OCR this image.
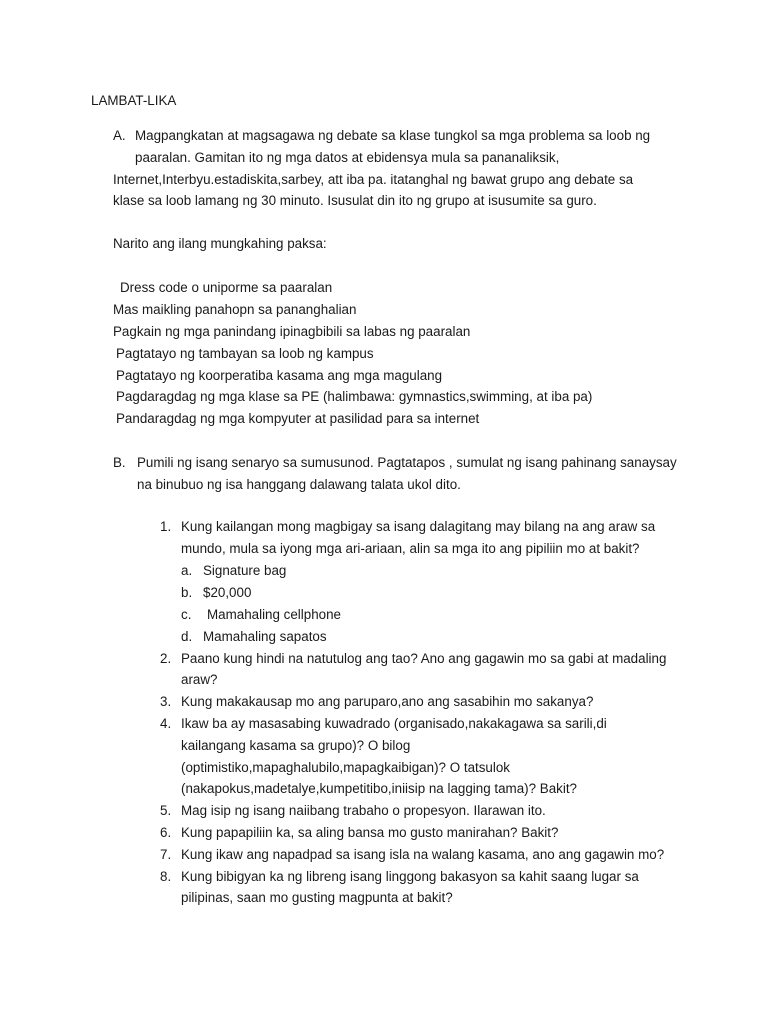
LAMBAT-LIKA
A. Magpangkatan at magsagawa ng debate sa klase tungkol sa mga problema sa loob ng
paaralan. Gamitan ito ng mga datos at ebidensya mula sa pananaliksik,
Internet,Interbyu.estadiskita,sarbey, att iba pa. itatanghal ng bawat grupo ang debate sa
klase sa loob lamang ng 30 minuto. Isusulat din ito ng grupo at isusumite sa guro.
Narito ang ilang mungkahing paksa:
Dress code o uniporme sa paaralan
Mas maikling panahopn sa pananghalian
Pagkain ng mga panindang ipinagbibili sa labas ng paaralan
Pagtatayo ng tambayan sa loob ng kampus
Pagtatayo ng koorperatiba kasama ang mga magulang
Pagdaragdag ng mga klase sa PE (halimbawa: gymnastics,swimming, at iba pa)
Pandaragdag ng mga kompyuter at pasilidad para sa internet
B. Pumili ng isang senaryo sa sumusunod. Pagtatapos , sumulat ng isang pahinang sanaysay
na binubuo ng isa hanggang dalawang talata ukol dito.
1. Kung kailangan mong magbigay sa isang dalagitang may bilang na ang araw sa
mundo, mula sa iyong mga ari-ariaan, alin sa mga ito ang pipiliin mo at bakit?
a. Signature bag
b. $20,000
c. Mamahaling cellphone
d. Mamahaling sapatos
2. Paano kung hindi na natutulog ang tao? Ano ang gagawin mo sa gabi at madaling
araw?
3. Kung makakausap mo ang paruparo,ano ang sasabihin mo sakanya?
4. Ikaw ba ay masasabing kuwadrado (organisado,nakakagawa sa sarili,di
kailangang kasama sa grupo)? O bilog
(optimistiko,mapaghalubilo,mapagkaibigan)? O tatsulok
(nakapokus,madetalye,kumpetitibo,iniisip na lagging tama)? Bakit?
5. Mag isip ng isang naiibang trabaho o propesyon. Ilarawan ito.
6. Kung papapiliin ka, sa aling bansa mo gusto manirahan? Bakit?
7. Kung ikaw ang napadpad sa isang isla na walang kasama, ano ang gagawin mo?
8. Kung bibigyan ka ng libreng isang linggong bakasyon sa kahit saang lugar sa
pilipinas, saan mo gusting magpunta at bakit?
